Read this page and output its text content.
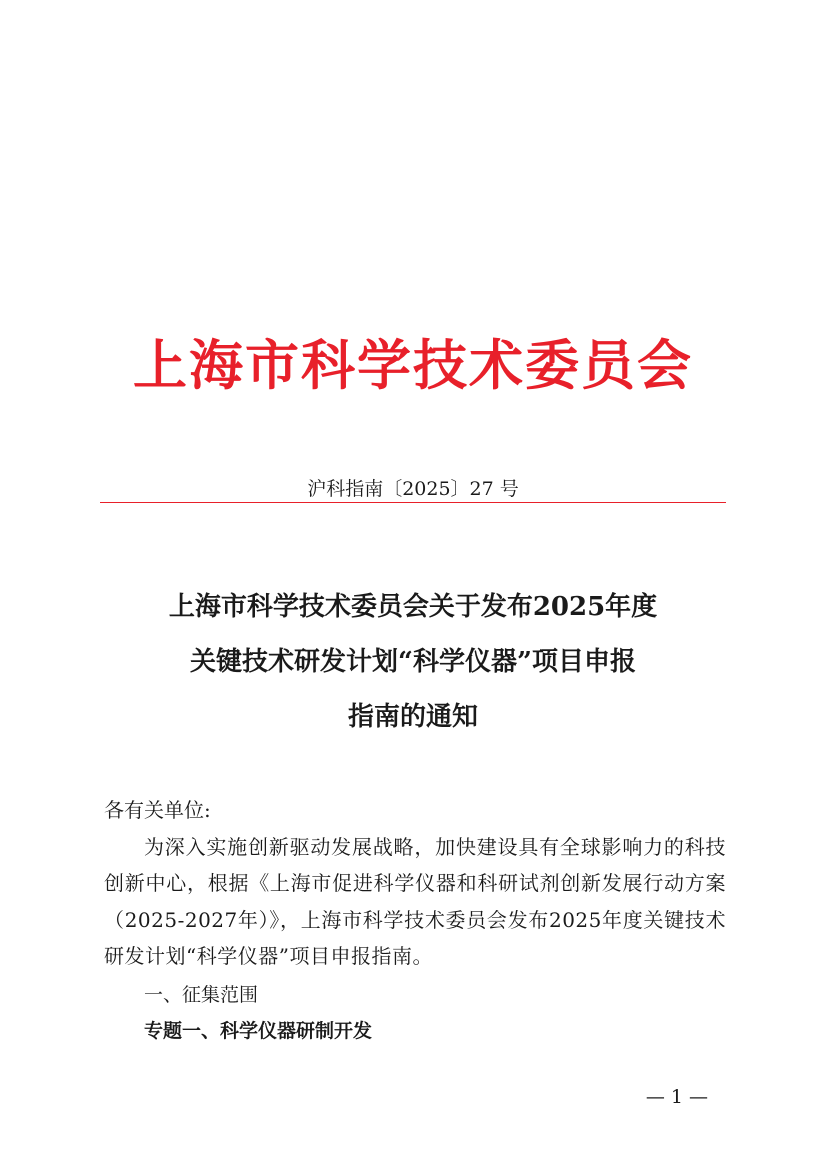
上海市科学技术委员会
沪科指南〔2025〕27 号
上海市科学技术委员会关于发布2025年度
关键技术研发计划“科学仪器”项目申报
指南的通知
各有关单位:
为深入实施创新驱动发展战略，加快建设具有全球影响力的科技创新中心，根据《上海市促进科学仪器和科研试剂创新发展行动方案（2025-2027年）》，上海市科学技术委员会发布2025年度关键技术研发计划“科学仪器”项目申报指南。
一、征集范围
专题一、科学仪器研制开发
— 1 —
